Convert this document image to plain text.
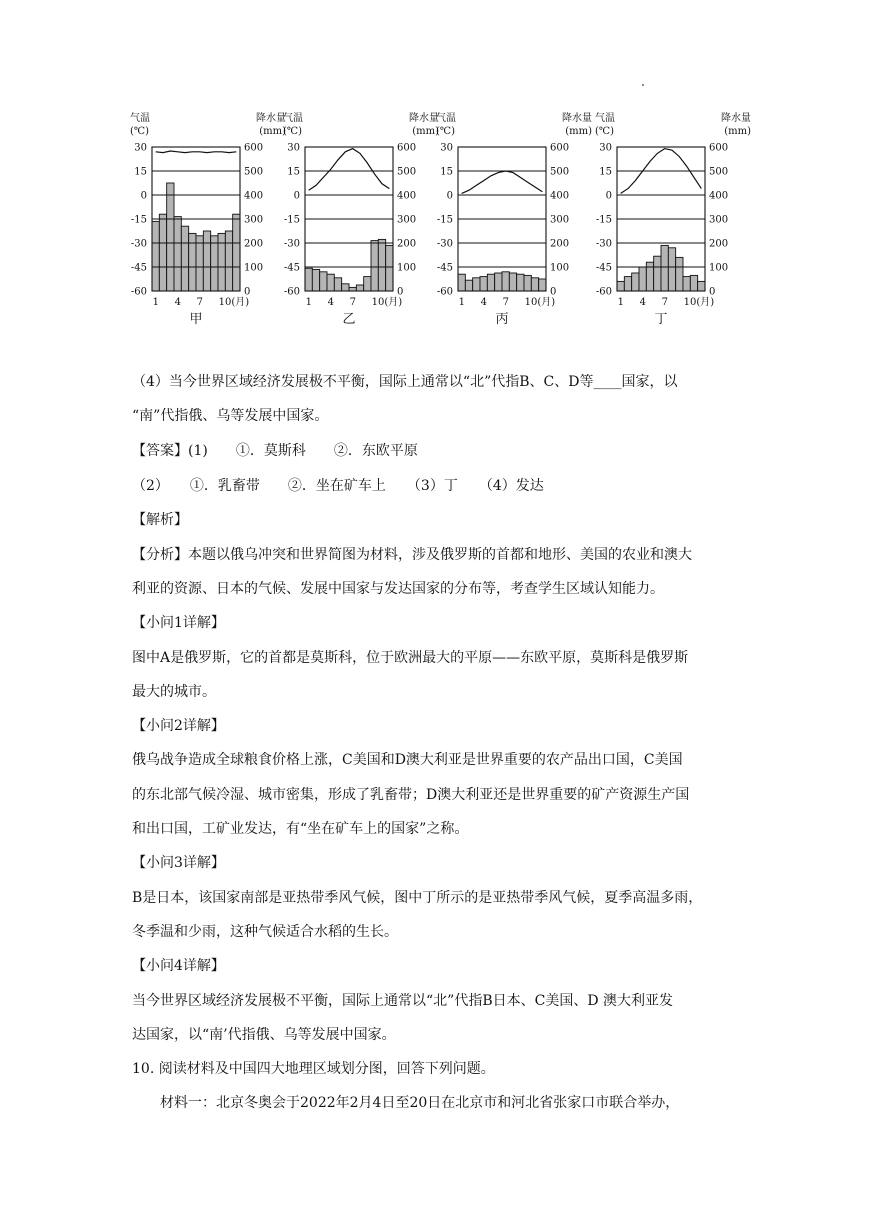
气温
(℃)
降水量
(mm)
30
15
0
-15
-30
-45
-60
600
500
400
300
200
100
0
1 4 7 10(月)
甲
气温
(℃)
降水量
(mm)
30
15
0
-15
-30
-45
-60
600
500
400
300
200
100
0
1 4 7 10(月)
乙
气温
(℃)
降水量
(mm)
30
15
0
-15
-30
-45
-60
600
500
400
300
200
100
0
1 4 7 10(月)
丙
气温
(℃)
降水量
(mm)
30
15
0
-15
-30
-45
-60
600
500
400
300
200
100
0
1 4 7 10(月)
丁
（4）当今世界区域经济发展极不平衡，国际上通常以“北”代指B、C、D等____国家，以
“南”代指俄、乌等发展中国家。
【答案】(1)　　①．莫斯科　　②．东欧平原
（2）　　①．乳畜带　　②．坐在矿车上　　（3）丁　　（4）发达
【解析】
【分析】本题以俄乌冲突和世界简图为材料，涉及俄罗斯的首都和地形、美国的农业和澳大
利亚的资源、日本的气候、发展中国家与发达国家的分布等，考查学生区域认知能力。
【小问1详解】
图中A是俄罗斯，它的首都是莫斯科，位于欧洲最大的平原——东欧平原，莫斯科是俄罗斯
最大的城市。
【小问2详解】
俄乌战争造成全球粮食价格上涨，C美国和D澳大利亚是世界重要的农产品出口国，C美国
的东北部气候冷湿、城市密集，形成了乳畜带；D澳大利亚还是世界重要的矿产资源生产国
和出口国，工矿业发达，有“坐在矿车上的国家”之称。
【小问3详解】
B是日本，该国家南部是亚热带季风气候，图中丁所示的是亚热带季风气候，夏季高温多雨，
冬季温和少雨，这种气候适合水稻的生长。
【小问4详解】
当今世界区域经济发展极不平衡，国际上通常以“北”代指B日本、C美国、D 澳大利亚发
达国家，以“南’代指俄、乌等发展中国家。
10. 阅读材料及中国四大地理区域划分图，回答下列问题。
　　材料一：北京冬奥会于2022年2月4日至20日在北京市和河北省张家口市联合举办，
